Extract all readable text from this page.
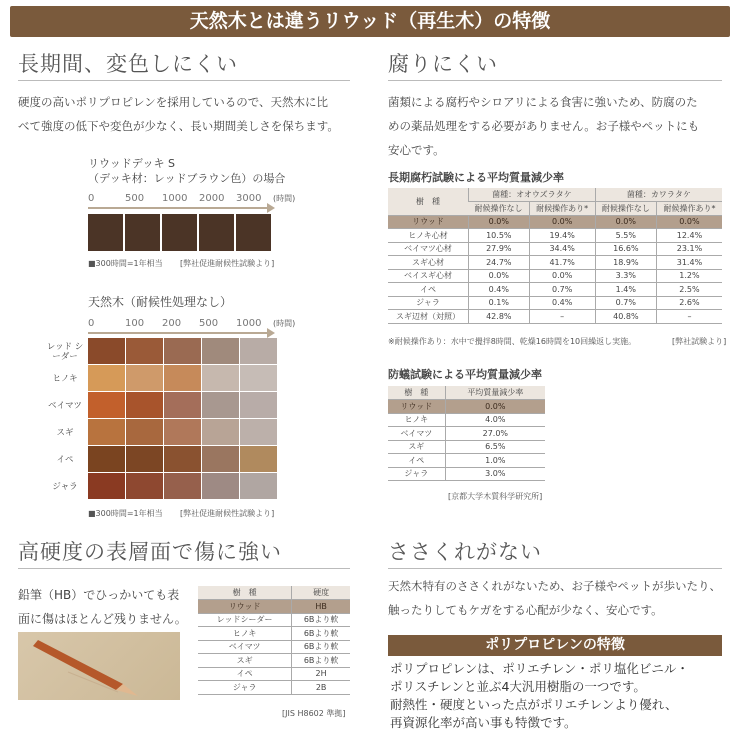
天然木とは違うリウッド（再生木）の特徴
長期間、変色しにくい
硬度の高いポリプロピレンを採用しているので、天然木に比
べて強度の低下や変色が少なく、長い期間美しさを保ちます。
リウッドデッキ S
（デッキ材：レッドブラウン色）の場合
0	500	1000	2000	3000	(時間)
■300時間=1年相当 [弊社促進耐候性試験より]
天然木（耐候性処理なし）
0	100	200	500	1000	(時間)
レッド シーダー
ヒノキ
ベイマツ
スギ
イペ
ジャラ
■300時間=1年相当 [弊社促進耐候性試験より]
腐りにくい
菌類による腐朽やシロアリによる食害に強いため、防腐のた
めの薬品処理をする必要がありません。お子様やペットにも
安心です。
長期腐朽試験による平均質量減少率
樹　種	菌種：オオウズラタケ		菌種：カワラタケ	
	耐候操作なし	耐候操作あり*	耐候操作なし	耐候操作あり*
リウッド	0.0%	0.0%	0.0%	0.0%
ヒノキ心材	10.5%	19.4%	5.5%	12.4%
ベイマツ心材	27.9%	34.4%	16.6%	23.1%
スギ心材	24.7%	41.7%	18.9%	31.4%
ベイスギ心材	0.0%	0.0%	3.3%	1.2%
イペ	0.4%	0.7%	1.4%	2.5%
ジャラ	0.1%	0.4%	0.7%	2.6%
スギ辺材（対照）	42.8%	–	40.8%	–
※耐候操作あり：水中で攪拌8時間、乾燥16時間を10回繰返し実施。	[弊社試験より]
防蟻試験による平均質量減少率
樹　種	平均質量減少率
リウッド	0.0%
ヒノキ	4.0%
ベイマツ	27.0%
スギ	6.5%
イペ	1.0%
ジャラ	3.0%
[京都大学木質科学研究所]
高硬度の表層面で傷に強い
鉛筆（HB）でひっかいても表
面に傷はほとんど残りません。
樹　種	硬度
リウッド	HB
レッドシーダー	6Bより軟
ヒノキ	6Bより軟
ベイマツ	6Bより軟
スギ	6Bより軟
イペ	2H
ジャラ	2B
[JIS H8602 準拠]
ささくれがない
天然木特有のささくれがないため、お子様やペットが歩いたり、
触ったりしてもケガをする心配が少なく、安心です。
ポリプロピレンの特徴
ポリプロピレンは、ポリエチレン・ポリ塩化ビニル・
ポリスチレンと並ぶ4大汎用樹脂の一つです。
耐熱性・硬度といった点がポリエチレンより優れ、
再資源化率が高い事も特徴です。
